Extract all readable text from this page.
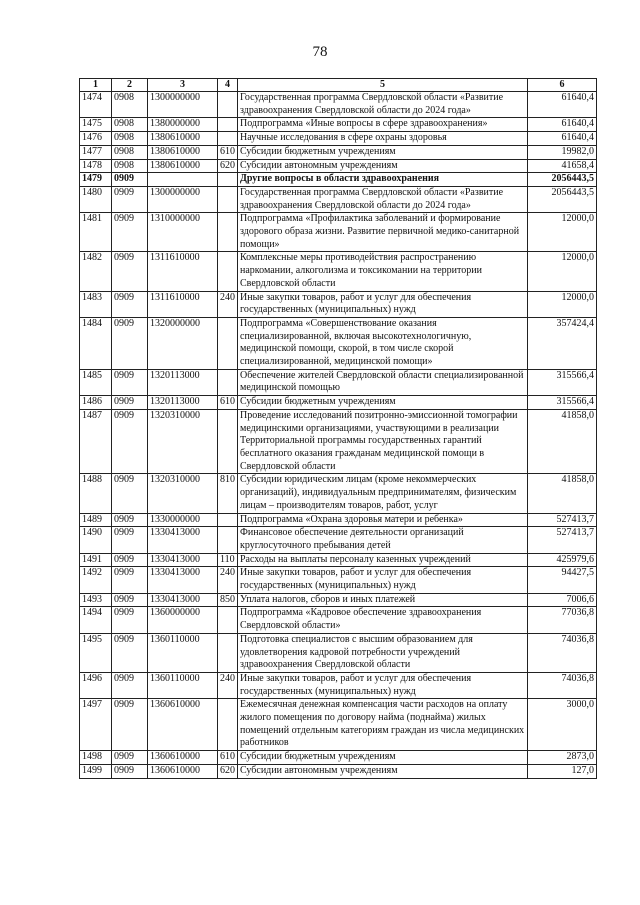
78
1	2	3	4	5	6
1474	0908	1300000000		Государственная программа Свердловской области «Развитие здравоохранения Свердловской области до 2024 года»	61640,4
1475	0908	1380000000		Подпрограмма «Иные вопросы в сфере здравоохранения»	61640,4
1476	0908	1380610000		Научные исследования в сфере охраны здоровья	61640,4
1477	0908	1380610000	610	Субсидии бюджетным учреждениям	19982,0
1478	0908	1380610000	620	Субсидии автономным учреждениям	41658,4
1479	0909			Другие вопросы в области здравоохранения	2056443,5
1480	0909	1300000000		Государственная программа Свердловской области «Развитие здравоохранения Свердловской области до 2024 года»	2056443,5
1481	0909	1310000000		Подпрограмма «Профилактика заболеваний и формирование здорового образа жизни. Развитие первичной медико-санитарной помощи»	12000,0
1482	0909	1311610000		Комплексные меры противодействия распространению наркомании, алкоголизма и токсикомании на территории Свердловской области	12000,0
1483	0909	1311610000	240	Иные закупки товаров, работ и услуг для обеспечения государственных (муниципальных) нужд	12000,0
1484	0909	1320000000		Подпрограмма «Совершенствование оказания специализированной, включая высокотехнологичную, медицинской помощи, скорой, в том числе скорой специализированной, медицинской помощи»	357424,4
1485	0909	1320113000		Обеспечение жителей Свердловской области специализированной медицинской помощью	315566,4
1486	0909	1320113000	610	Субсидии бюджетным учреждениям	315566,4
1487	0909	1320310000		Проведение исследований позитронно-эмиссионной томографии медицинскими организациями, участвующими в реализации Территориальной программы государственных гарантий бесплатного оказания гражданам медицинской помощи в Свердловской области	41858,0
1488	0909	1320310000	810	Субсидии юридическим лицам (кроме некоммерческих организаций), индивидуальным предпринимателям, физическим лицам – производителям товаров, работ, услуг	41858,0
1489	0909	1330000000		Подпрограмма «Охрана здоровья матери и ребенка»	527413,7
1490	0909	1330413000		Финансовое обеспечение деятельности организаций круглосуточного пребывания детей	527413,7
1491	0909	1330413000	110	Расходы на выплаты персоналу казенных учреждений	425979,6
1492	0909	1330413000	240	Иные закупки товаров, работ и услуг для обеспечения государственных (муниципальных) нужд	94427,5
1493	0909	1330413000	850	Уплата налогов, сборов и иных платежей	7006,6
1494	0909	1360000000		Подпрограмма «Кадровое обеспечение здравоохранения Свердловской области»	77036,8
1495	0909	1360110000		Подготовка специалистов с высшим образованием для удовлетворения кадровой потребности учреждений здравоохранения Свердловской области	74036,8
1496	0909	1360110000	240	Иные закупки товаров, работ и услуг для обеспечения государственных (муниципальных) нужд	74036,8
1497	0909	1360610000		Ежемесячная денежная компенсация части расходов на оплату жилого помещения по договору найма (поднайма) жилых помещений отдельным категориям граждан из числа медицинских работников	3000,0
1498	0909	1360610000	610	Субсидии бюджетным учреждениям	2873,0
1499	0909	1360610000	620	Субсидии автономным учреждениям	127,0
